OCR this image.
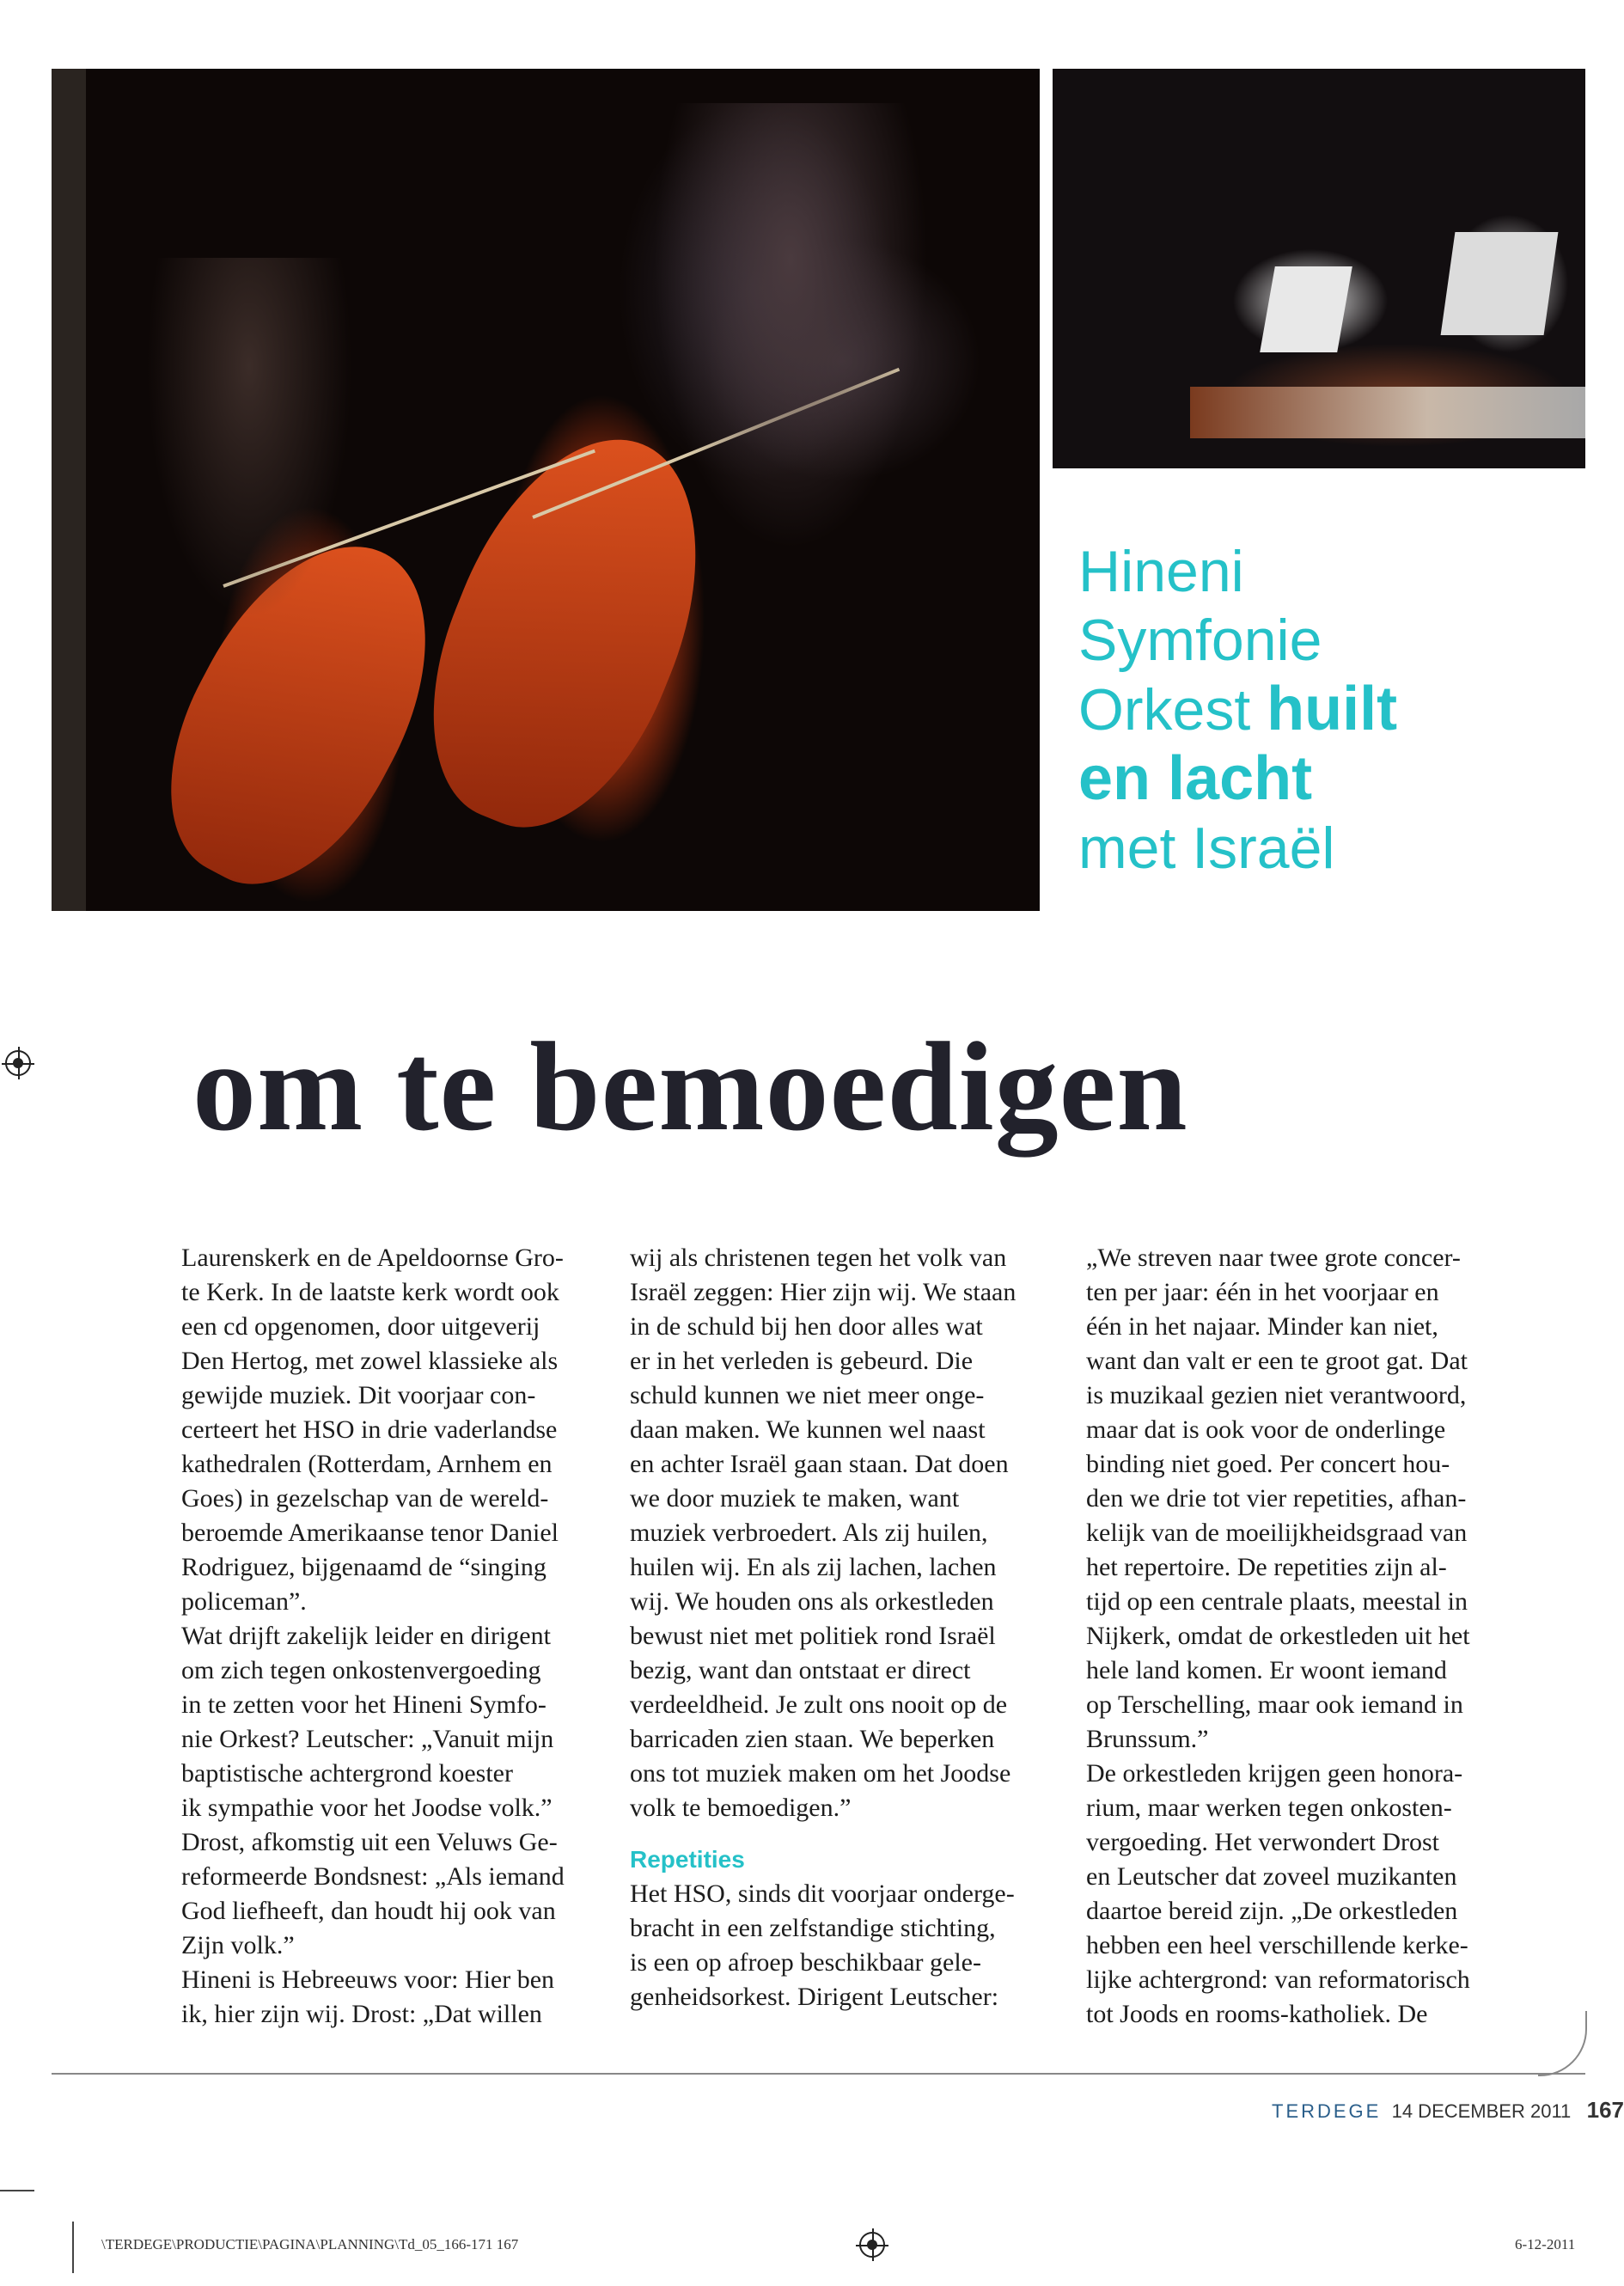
Hineni
Symfonie
Orkest huilt
en lacht
met Israël
om te bemoedigen

Laurenskerk en de Apeldoornse Gro-

te Kerk. In de laatste kerk wordt ook

een cd opgenomen, door uitgeverij

Den Hertog, met zowel klassieke als

gewijde muziek. Dit voorjaar con-

certeert het HSO in drie vaderlandse

kathedralen (Rotterdam, Arnhem en

Goes) in gezelschap van de wereld-

beroemde Amerikaanse tenor Daniel

Rodriguez, bijgenaamd de “singing

policeman”.

Wat drijft zakelijk leider en dirigent

om zich tegen onkostenvergoeding

in te zetten voor het Hineni Symfo-

nie Orkest? Leutscher: „Vanuit mijn

baptistische achtergrond koester

ik sympathie voor het Joodse volk.”

Drost, afkomstig uit een Veluws Ge-

reformeerde Bondsnest: „Als iemand

God liefheeft, dan houdt hij ook van

Zijn volk.”

Hineni is Hebreeuws voor: Hier ben

ik, hier zijn wij. Drost: „Dat willen

wij als christenen tegen het volk van

Israël zeggen: Hier zijn wij. We staan

in de schuld bij hen door alles wat

er in het verleden is gebeurd. Die

schuld kunnen we niet meer onge-

daan maken. We kunnen wel naast

en achter Israël gaan staan. Dat doen

we door muziek te maken, want

muziek verbroedert. Als zij huilen,

huilen wij. En als zij lachen, lachen

wij. We houden ons als orkestleden

bewust niet met politiek rond Israël

bezig, want dan ontstaat er direct

verdeeldheid. Je zult ons nooit op de

barricaden zien staan. We beperken

ons tot muziek maken om het Joodse

volk te bemoedigen.”

Repetities

Het HSO, sinds dit voorjaar onderge-

bracht in een zelfstandige stichting,

is een op afroep beschikbaar gele-

genheidsorkest. Dirigent Leutscher:

„We streven naar twee grote concer-

ten per jaar: één in het voorjaar en

één in het najaar. Minder kan niet,

want dan valt er een te groot gat. Dat

is muzikaal gezien niet verantwoord,

maar dat is ook voor de onderlinge

binding niet goed. Per concert hou-

den we drie tot vier repetities, afhan-

kelijk van de moeilijkheidsgraad van

het repertoire. De repetities zijn al-

tijd op een centrale plaats, meestal in

Nijkerk, omdat de orkestleden uit het

hele land komen. Er woont iemand

op Terschelling, maar ook iemand in

Brunssum.”

De orkestleden krijgen geen honora-

rium, maar werken tegen onkosten-

vergoeding. Het verwondert Drost

en Leutscher dat zoveel muzikanten

daartoe bereid zijn. „De orkestleden

hebben een heel verschillende kerke-

lijke achtergrond: van reformatorisch

tot Joods en rooms-katholiek. De

TERDEGE 14 DECEMBER 2011 167
\TERDEGE\PRODUCTIE\PAGINA\PLANNING\Td_05_166-171 167	6-12-2011
